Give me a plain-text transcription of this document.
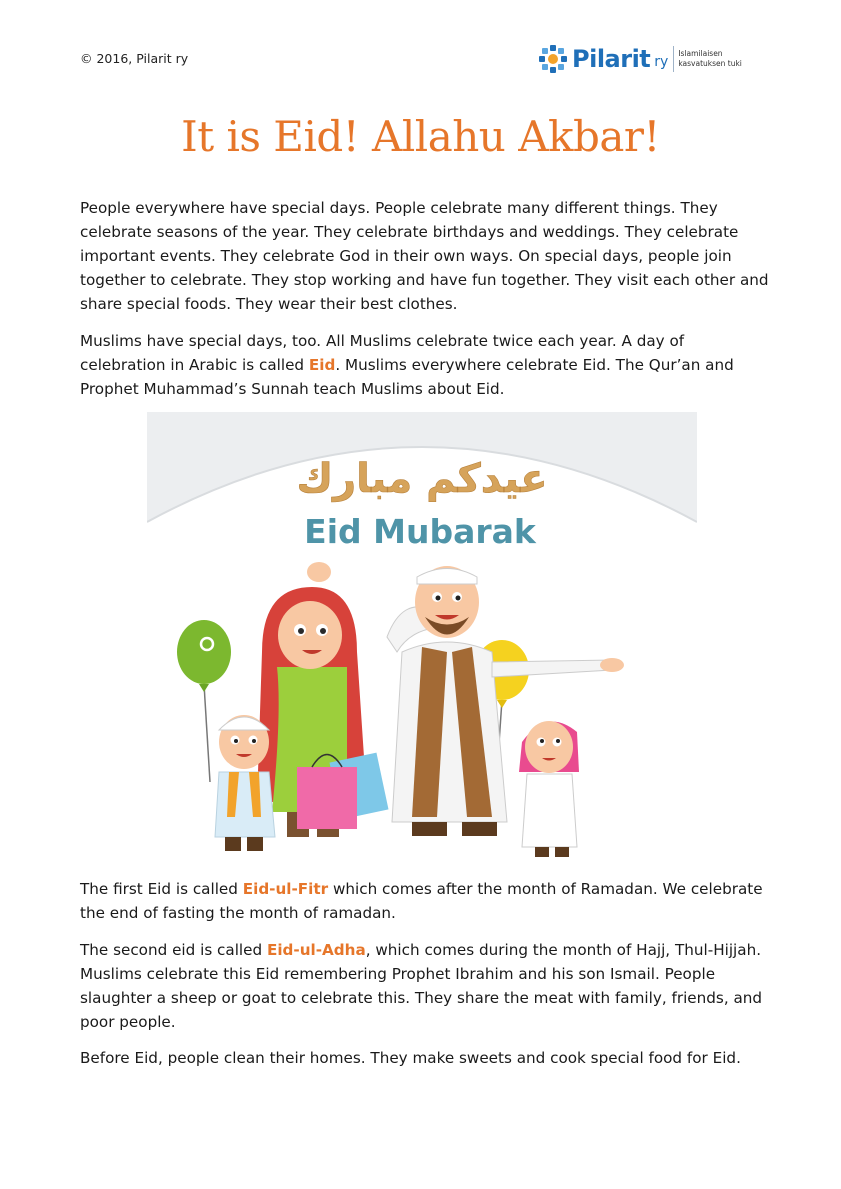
© 2016, Pilarit ry	Pilarit ry
Islamilaisen
kasvatuksen tuki
It is Eid! Allahu Akbar!

People everywhere have special days. People celebrate many different things. They celebrate seasons of the year. They celebrate birthdays and weddings. They celebrate important events. They celebrate God in their own ways. On special days, people join together to celebrate. They stop working and have fun together. They visit each other and share special foods. They wear their best clothes.

Muslims have special days, too. All Muslims celebrate twice each year. A day of celebration in Arabic is called Eid. Muslims everywhere celebrate Eid. The Qur’an and Prophet Muhammad’s Sunnah teach Muslims about Eid.

عيدكم مبارك
Eid Mubarak

The first Eid is called Eid-ul-Fitr which comes after the month of Ramadan. We celebrate the end of fasting the month of ramadan.

The second eid is called Eid-ul-Adha, which comes during the month of Hajj, Thul-Hijjah. Muslims celebrate this Eid remembering Prophet Ibrahim and his son Ismail. People slaughter a sheep or goat to celebrate this. They share the meat with family, friends, and poor people.

Before Eid, people clean their homes. They make sweets and cook special food for Eid.
